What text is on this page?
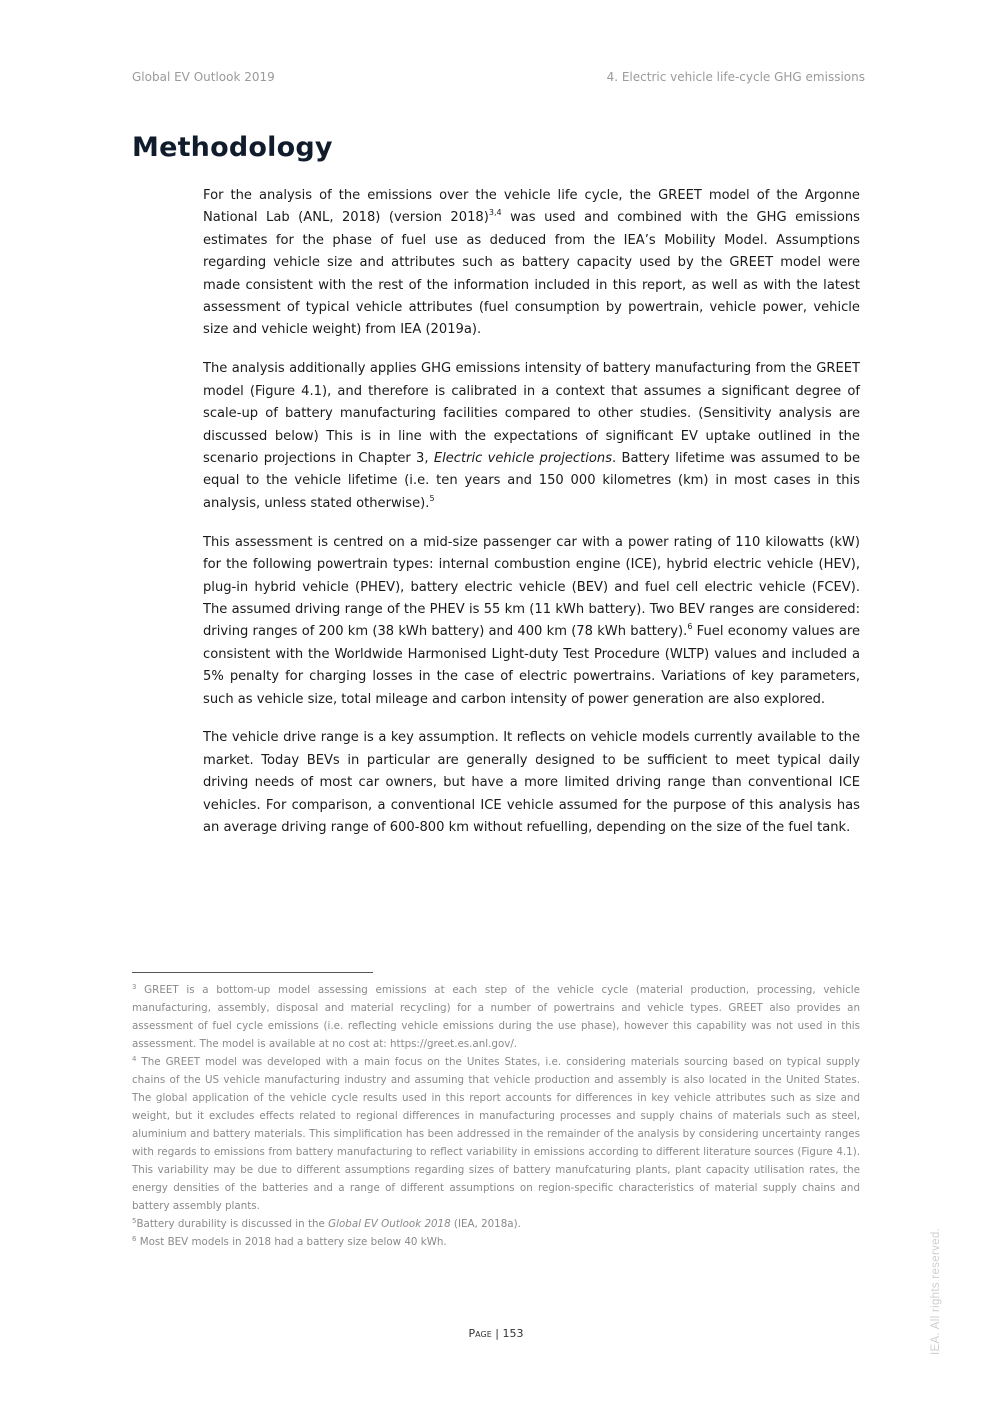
Global EV Outlook 2019	4. Electric vehicle life-cycle GHG emissions
Methodology

For the analysis of the emissions over the vehicle life cycle, the GREET model of the Argonne National Lab (ANL, 2018) (version 2018)$^{3,4}$ was used and combined with the GHG emissions estimates for the phase of fuel use as deduced from the IEA’s Mobility Model. Assumptions regarding vehicle size and attributes such as battery capacity used by the GREET model were made consistent with the rest of the information included in this report, as well as with the latest assessment of typical vehicle attributes (fuel consumption by powertrain, vehicle power, vehicle size and vehicle weight) from IEA (2019a).

The analysis additionally applies GHG emissions intensity of battery manufacturing from the GREET model (Figure 4.1), and therefore is calibrated in a context that assumes a significant degree of scale-up of battery manufacturing facilities compared to other studies. (Sensitivity analysis are discussed below) This is in line with the expectations of significant EV uptake outlined in the scenario projections in Chapter 3, Electric vehicle projections. Battery lifetime was assumed to be equal to the vehicle lifetime (i.e. ten years and 150 000 kilometres (km) in most cases in this analysis, unless stated otherwise).$^5$

This assessment is centred on a mid-size passenger car with a power rating of 110 kilowatts (kW) for the following powertrain types: internal combustion engine (ICE), hybrid electric vehicle (HEV), plug-in hybrid vehicle (PHEV), battery electric vehicle (BEV) and fuel cell electric vehicle (FCEV). The assumed driving range of the PHEV is 55 km (11 kWh battery). Two BEV ranges are considered: driving ranges of 200 km (38 kWh battery) and 400 km (78 kWh battery).$^6$ Fuel economy values are consistent with the Worldwide Harmonised Light-duty Test Procedure (WLTP) values and included a 5% penalty for charging losses in the case of electric powertrains. Variations of key parameters, such as vehicle size, total mileage and carbon intensity of power generation are also explored.

The vehicle drive range is a key assumption. It reflects on vehicle models currently available to the market. Today BEVs in particular are generally designed to be sufficient to meet typical daily driving needs of most car owners, but have a more limited driving range than conventional ICE vehicles. For comparison, a conventional ICE vehicle assumed for the purpose of this analysis has an average driving range of 600-800 km without refuelling, depending on the size of the fuel tank.

$^3$ GREET is a bottom-up model assessing emissions at each step of the vehicle cycle (material production, processing, vehicle manufacturing, assembly, disposal and material recycling) for a number of powertrains and vehicle types. GREET also provides an assessment of fuel cycle emissions (i.e. reflecting vehicle emissions during the use phase), however this capability was not used in this assessment. The model is available at no cost at: https://greet.es.anl.gov/.

$^4$ The GREET model was developed with a main focus on the Unites States, i.e. considering materials sourcing based on typical supply chains of the US vehicle manufacturing industry and assuming that vehicle production and assembly is also located in the United States. The global application of the vehicle cycle results used in this report accounts for differences in key vehicle attributes such as size and weight, but it excludes effects related to regional differences in manufacturing processes and supply chains of materials such as steel, aluminium and battery materials. This simplification has been addressed in the remainder of the analysis by considering uncertainty ranges with regards to emissions from battery manufacturing to reflect variability in emissions according to different literature sources (Figure 4.1). This variability may be due to different assumptions regarding sizes of battery manufcaturing plants, plant capacity utilisation rates, the energy densities of the batteries and a range of different assumptions on region-specific characteristics of material supply chains and battery assembly plants.

$^5$Battery durability is discussed in the Global EV Outlook 2018 (IEA, 2018a).

$^6$ Most BEV models in 2018 had a battery size below 40 kWh.

Page | 153	IEA. All rights reserved.
